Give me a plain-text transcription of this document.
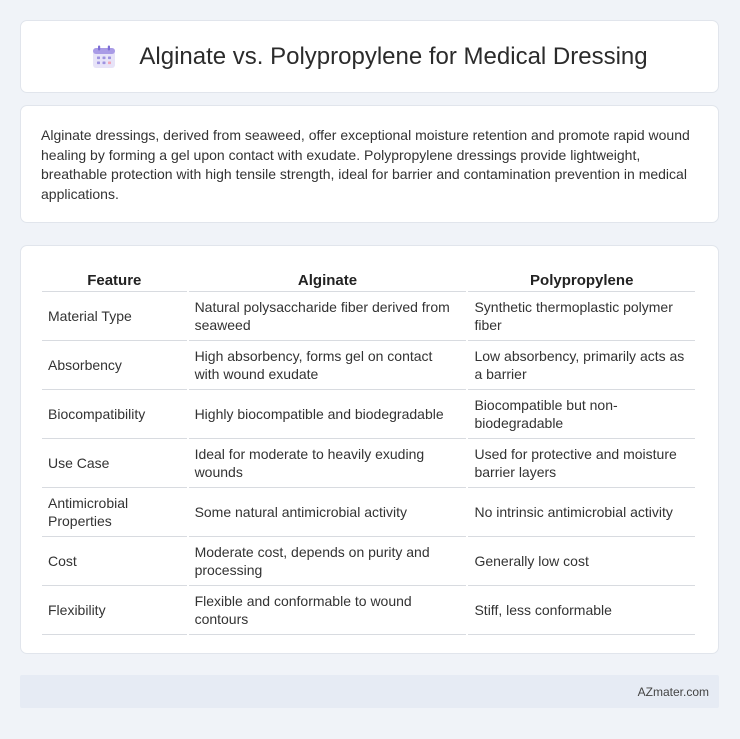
Alginate vs. Polypropylene for Medical Dressing

Alginate dressings, derived from seaweed, offer exceptional moisture retention and promote rapid wound healing by forming a gel upon contact with exudate. Polypropylene dressings provide lightweight, breathable protection with high tensile strength, ideal for barrier and contamination prevention in medical applications.

Feature	Alginate	Polypropylene
Material Type	Natural polysaccharide fiber derived from seaweed	Synthetic thermoplastic polymer fiber
Absorbency	High absorbency, forms gel on contact with wound exudate	Low absorbency, primarily acts as a barrier
Biocompatibility	Highly biocompatible and biodegradable	Biocompatible but non-biodegradable
Use Case	Ideal for moderate to heavily exuding wounds	Used for protective and moisture barrier layers
Antimicrobial Properties	Some natural antimicrobial activity	No intrinsic antimicrobial activity
Cost	Moderate cost, depends on purity and processing	Generally low cost
Flexibility	Flexible and conformable to wound contours	Stiff, less conformable
AZmater.com
